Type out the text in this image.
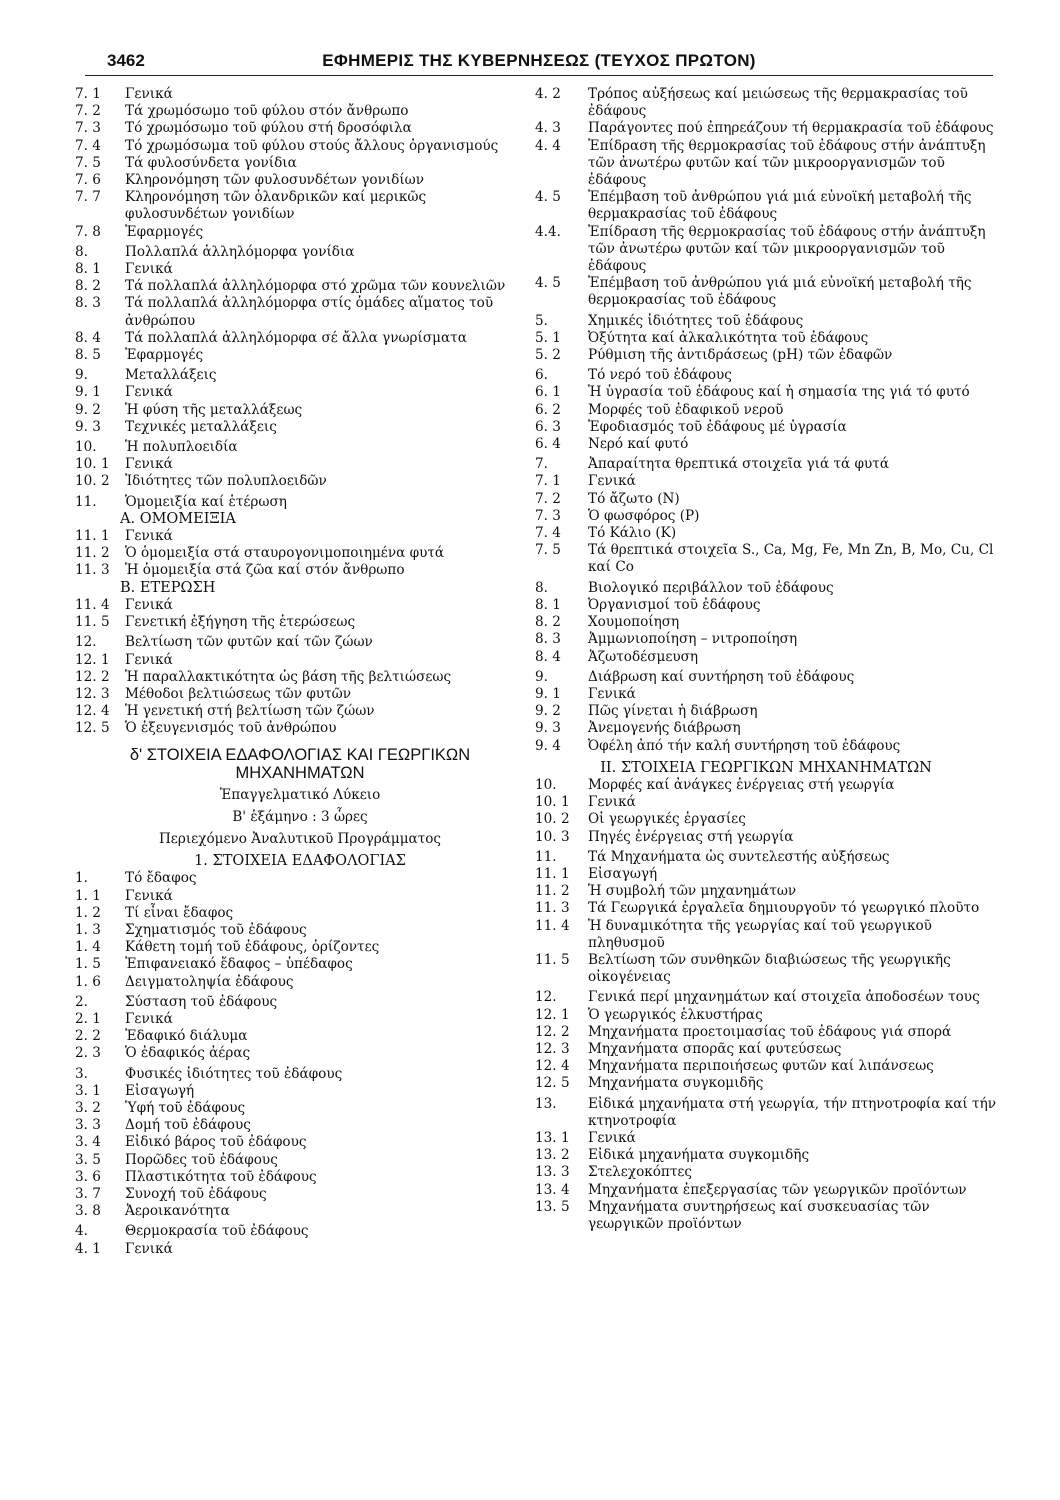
3462	ΕΦΗΜΕΡΙΣ ΤΗΣ ΚΥΒΕΡΝΗΣΕΩΣ (ΤΕΥΧΟΣ ΠΡΩΤΟΝ)
7. 1	Γενικά
7. 2	Τά χρωμόσωμο τοῦ φύλου στόν ἄνθρωπο
7. 3	Τό χρωμόσωμο τοῦ φύλου στή δροσόφιλα
7. 4	Τό χρωμόσωμα τοῦ φύλου στούς ἄλλους ὀργανισμούς
7. 5	Τά φυλοσύνδετα γονίδια
7. 6	Κληρονόμηση τῶν φυλοσυνδέτων γονιδίων
7. 7	Κληρονόμηση τῶν ὁλανδρικῶν καί μερικῶς φυλοσυνδέτων γονιδίων
7. 8	Ἐφαρμογές
8.	Πολλαπλά ἀλληλόμορφα γονίδια
8. 1	Γενικά
8. 2	Τά πολλαπλά ἀλληλόμορφα στό χρῶμα τῶν κουνελιῶν
8. 3	Τά πολλαπλά ἀλληλόμορφα στίς ὁμάδες αἵματος τοῦ ἀνθρώπου
8. 4	Τά πολλαπλά ἀλληλόμορφα σέ ἄλλα γνωρίσματα
8. 5	Ἐφαρμογές
9.	Μεταλλάξεις
9. 1	Γενικά
9. 2	Ἡ φύση τῆς μεταλλάξεως
9. 3	Τεχνικές μεταλλάξεις
10.	Ἡ πολυπλοειδία
10. 1	Γενικά
10. 2	Ἰδιότητες τῶν πολυπλοειδῶν
11.	Ὁμομειξία καί ἑτέρωση
Α. ΟΜΟΜΕΙΞΙΑ
11. 1	Γενικά
11. 2	Ὁ ὁμομειξία στά σταυρογονιμοποιημένα φυτά
11. 3	Ἡ ὁμομειξία στά ζῶα καί στόν ἄνθρωπο
Β. ΕΤΕΡΩΣΗ
11. 4	Γενικά
11. 5	Γενετική ἐξήγηση τῆς ἑτερώσεως
12.	Βελτίωση τῶν φυτῶν καί τῶν ζώων
12. 1	Γενικά
12. 2	Ἡ παραλλακτικότητα ὡς βάση τῆς βελτιώσεως
12. 3	Μέθοδοι βελτιώσεως τῶν φυτῶν
12. 4	Ἡ γενετική στή βελτίωση τῶν ζώων
12. 5	Ὁ ἐξευγενισμός τοῦ ἀνθρώπου
δ' ΣΤΟΙΧΕΙΑ ΕΔΑΦΟΛΟΓΙΑΣ ΚΑΙ ΓΕΩΡΓΙΚΩΝ ΜΗΧΑΝΗΜΑΤΩΝ
Ἐπαγγελματικό Λύκειο
Β' ἑξάμηνο : 3 ὧρες
Περιεχόμενο Ἀναλυτικοῦ Προγράμματος
1. ΣΤΟΙΧΕΙΑ ΕΔΑΦΟΛΟΓΙΑΣ
1.	Τό ἔδαφος
1. 1	Γενικά
1. 2	Τί εἶναι ἔδαφος
1. 3	Σχηματισμός τοῦ ἐδάφους
1. 4	Κάθετη τομή τοῦ ἐδάφους, ὁρίζοντες
1. 5	Ἐπιφανειακό ἔδαφος – ὑπέδαφος
1. 6	Δειγματοληψία ἐδάφους
2.	Σύσταση τοῦ ἐδάφους
2. 1	Γενικά
2. 2	Ἐδαφικό διάλυμα
2. 3	Ὁ ἐδαφικός ἀέρας
3.	Φυσικές ἰδιότητες τοῦ ἐδάφους
3. 1	Εἰσαγωγή
3. 2	Ὑφή τοῦ ἐδάφους
3. 3	Δομή τοῦ ἐδάφους
3. 4	Εἰδικό βάρος τοῦ ἐδάφους
3. 5	Πορῶδες τοῦ ἐδάφους
3. 6	Πλαστικότητα τοῦ ἐδάφους
3. 7	Συνοχή τοῦ ἐδάφους
3. 8	Ἀεροικανότητα
4.	Θερμοκρασία τοῦ ἐδάφους
4. 1	Γενικά
4. 2	Τρόπος αὐξήσεως καί μειώσεως τῆς θερμακρασίας τοῦ ἐδάφους
4. 3	Παράγοντες πού ἐπηρεάζουν τή θερμακρασία τοῦ ἐδάφους
4. 4	Ἐπίδραση τῆς θερμοκρασίας τοῦ ἐδάφους στήν ἀνάπτυξη τῶν ἀνωτέρω φυτῶν καί τῶν μικροοργανισμῶν τοῦ ἐδάφους
4. 5	Ἐπέμβαση τοῦ ἀνθρώπου γιά μιά εὐνοϊκή μεταβολή τῆς θερμακρασίας τοῦ ἐδάφους
4.4.	Ἐπίδραση τῆς θερμοκρασίας τοῦ ἐδάφους στήν ἀνάπτυξη τῶν ἀνωτέρω φυτῶν καί τῶν μικροοργανισμῶν τοῦ ἐδάφους
4. 5	Ἐπέμβαση τοῦ ἀνθρώπου γιά μιά εὐνοϊκή μεταβολή τῆς θερμοκρασίας τοῦ ἐδάφους
5.	Χημικές ἰδιότητες τοῦ ἐδάφους
5. 1	Ὀξύτητα καί ἀλκαλικότητα τοῦ ἐδάφους
5. 2	Ρύθμιση τῆς ἀντιδράσεως (pH) τῶν ἐδαφῶν
6.	Τό νερό τοῦ ἐδάφους
6. 1	Ἡ ὑγρασία τοῦ ἐδάφους καί ἡ σημασία της γιά τό φυτό
6. 2	Μορφές τοῦ ἐδαφικοῦ νεροῦ
6. 3	Ἐφοδιασμός τοῦ ἐδάφους μέ ὑγρασία
6. 4	Νερό καί φυτό
7.	Ἀπαραίτητα θρεπτικά στοιχεῖα γιά τά φυτά
7. 1	Γενικά
7. 2	Τό ἄζωτο (Ν)
7. 3	Ὁ φωσφόρος (Ρ)
7. 4	Τό Κάλιο (Κ)
7. 5	Τά θρεπτικά στοιχεῖα S., Ca, Mg, Fe, Mn Zn, B, Mo, Cu, Cl καί Co
8.	Βιολογικό περιβάλλον τοῦ ἐδάφους
8. 1	Ὀργανισμοί τοῦ ἐδάφους
8. 2	Χουμοποίηση
8. 3	Ἀμμωνιοποίηση – νιτροποίηση
8. 4	Ἀζωτοδέσμευση
9.	Διάβρωση καί συντήρηση τοῦ ἐδάφους
9. 1	Γενικά
9. 2	Πῶς γίνεται ἡ διάβρωση
9. 3	Ἀνεμογενής διάβρωση
9. 4	Ὀφέλη ἀπό τήν καλή συντήρηση τοῦ ἐδάφους
ΙΙ. ΣΤΟΙΧΕΙΑ ΓΕΩΡΓΙΚΩΝ ΜΗΧΑΝΗΜΑΤΩΝ
10.	Μορφές καί ἀνάγκες ἐνέργειας στή γεωργία
10. 1	Γενικά
10. 2	Οἱ γεωργικές ἐργασίες
10. 3	Πηγές ἐνέργειας στή γεωργία
11.	Τά Μηχανήματα ὡς συντελεστής αὐξήσεως
11. 1	Εἰσαγωγή
11. 2	Ἡ συμβολή τῶν μηχανημάτων
11. 3	Τά Γεωργικά ἐργαλεῖα δημιουργοῦν τό γεωργικό πλοῦτο
11. 4	Ἡ δυναμικότητα τῆς γεωργίας καί τοῦ γεωργικοῦ πληθυσμοῦ
11. 5	Βελτίωση τῶν συνθηκῶν διαβιώσεως τῆς γεωργικῆς οἰκογένειας
12.	Γενικά περί μηχανημάτων καί στοιχεῖα ἀποδοσέων τους
12. 1	Ὁ γεωργικός ἑλκυστήρας
12. 2	Μηχανήματα προετοιμασίας τοῦ ἐδάφους γιά σπορά
12. 3	Μηχανήματα σπορᾶς καί φυτεύσεως
12. 4	Μηχανήματα περιποιήσεως φυτῶν καί λιπάνσεως
12. 5	Μηχανήματα συγκομιδῆς
13.	Εἰδικά μηχανήματα στή γεωργία, τήν πτηνοτροφία καί τήν κτηνοτροφία
13. 1	Γενικά
13. 2	Εἰδικά μηχανήματα συγκομιδῆς
13. 3	Στελεχοκόπτες
13. 4	Μηχανήματα ἐπεξεργασίας τῶν γεωργικῶν προϊόντων
13. 5	Μηχανήματα συντηρήσεως καί συσκευασίας τῶν γεωργικῶν προϊόντων
